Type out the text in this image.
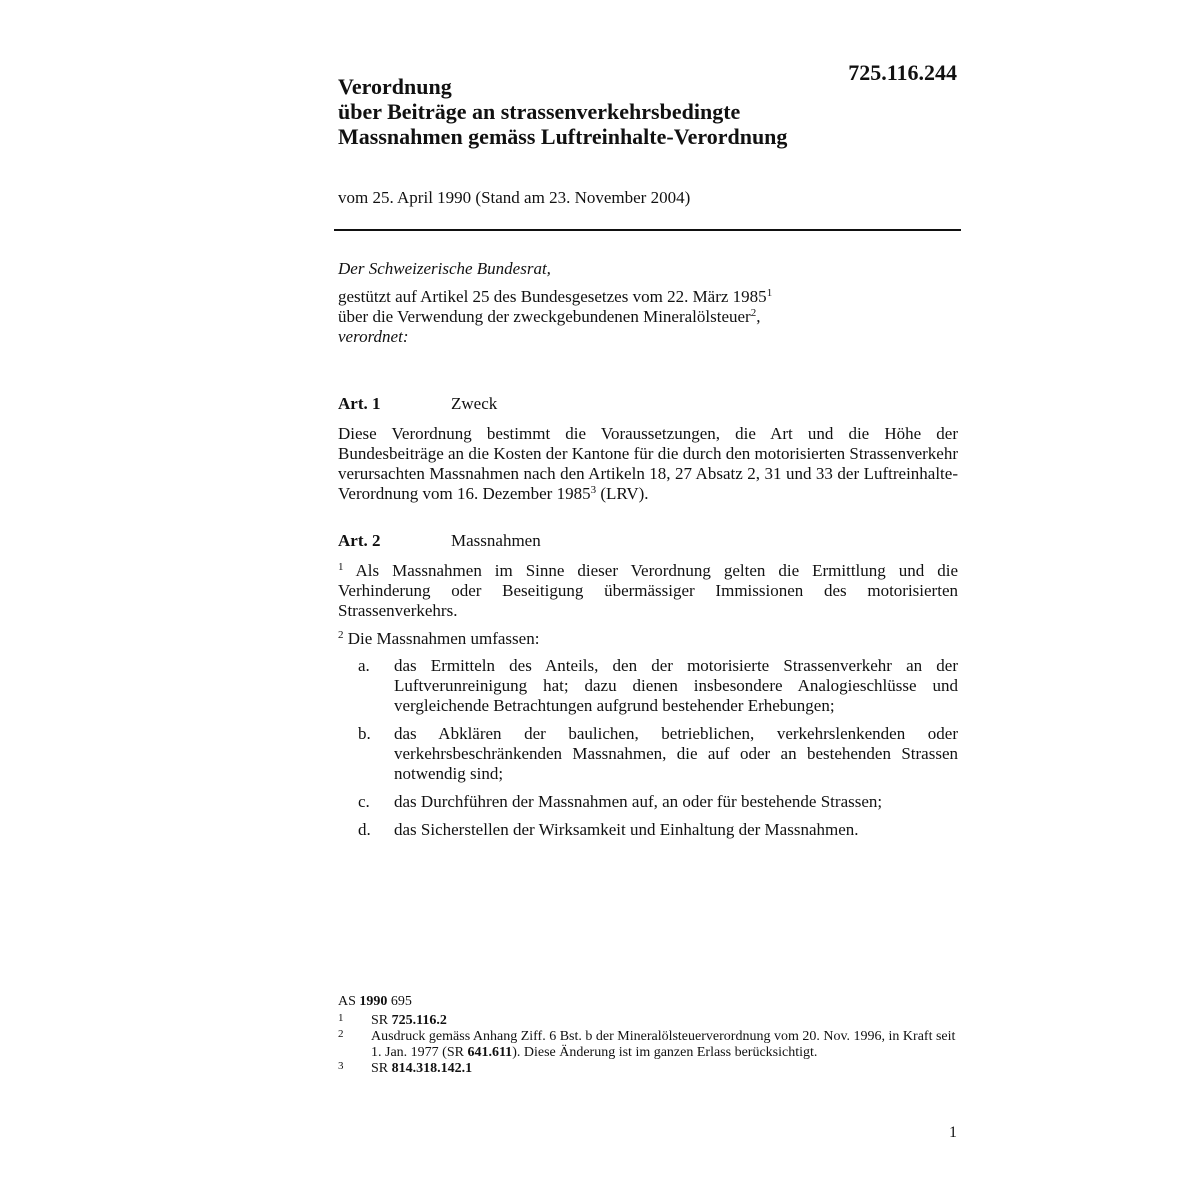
725.116.244
Verordnung
über Beiträge an strassenverkehrsbedingte
Massnahmen gemäss Luftreinhalte-Verordnung
vom 25. April 1990 (Stand am 23. November 2004)
Der Schweizerische Bundesrat,
gestützt auf Artikel 25 des Bundesgesetzes vom 22. März 1985$^1$
über die Verwendung der zweckgebundenen Mineralölsteuer$^2$,
verordnet:
Art. 1	Zweck
Diese Verordnung bestimmt die Voraussetzungen, die Art und die Höhe der Bundesbeiträge an die Kosten der Kantone für die durch den motorisierten Strassenverkehr verursachten Massnahmen nach den Artikeln 18, 27 Absatz 2, 31 und 33 der Luftreinhalte-Verordnung vom 16. Dezember 1985$^3$ (LRV).
Art. 2	Massnahmen
$^1$ Als Massnahmen im Sinne dieser Verordnung gelten die Ermittlung und die Verhinderung oder Beseitigung übermässiger Immissionen des motorisierten Strassenverkehrs.
$^2$ Die Massnahmen umfassen:
a.	das Ermitteln des Anteils, den der motorisierte Strassenverkehr an der Luftverunreinigung hat; dazu dienen insbesondere Analogieschlüsse und vergleichende Betrachtungen aufgrund bestehender Erhebungen;
b.	das Abklären der baulichen, betrieblichen, verkehrslenkenden oder verkehrsbeschränkenden Massnahmen, die auf oder an bestehenden Strassen notwendig sind;
c.	das Durchführen der Massnahmen auf, an oder für bestehende Strassen;
d.	das Sicherstellen der Wirksamkeit und Einhaltung der Massnahmen.
AS 1990 695
1	SR 725.116.2
2	Ausdruck gemäss Anhang Ziff. 6 Bst. b der Mineralölsteuerverordnung vom 20. Nov. 1996, in Kraft seit 1. Jan. 1977 (SR 641.611). Diese Änderung ist im ganzen Erlass berücksichtigt.
3	SR 814.318.142.1
1
